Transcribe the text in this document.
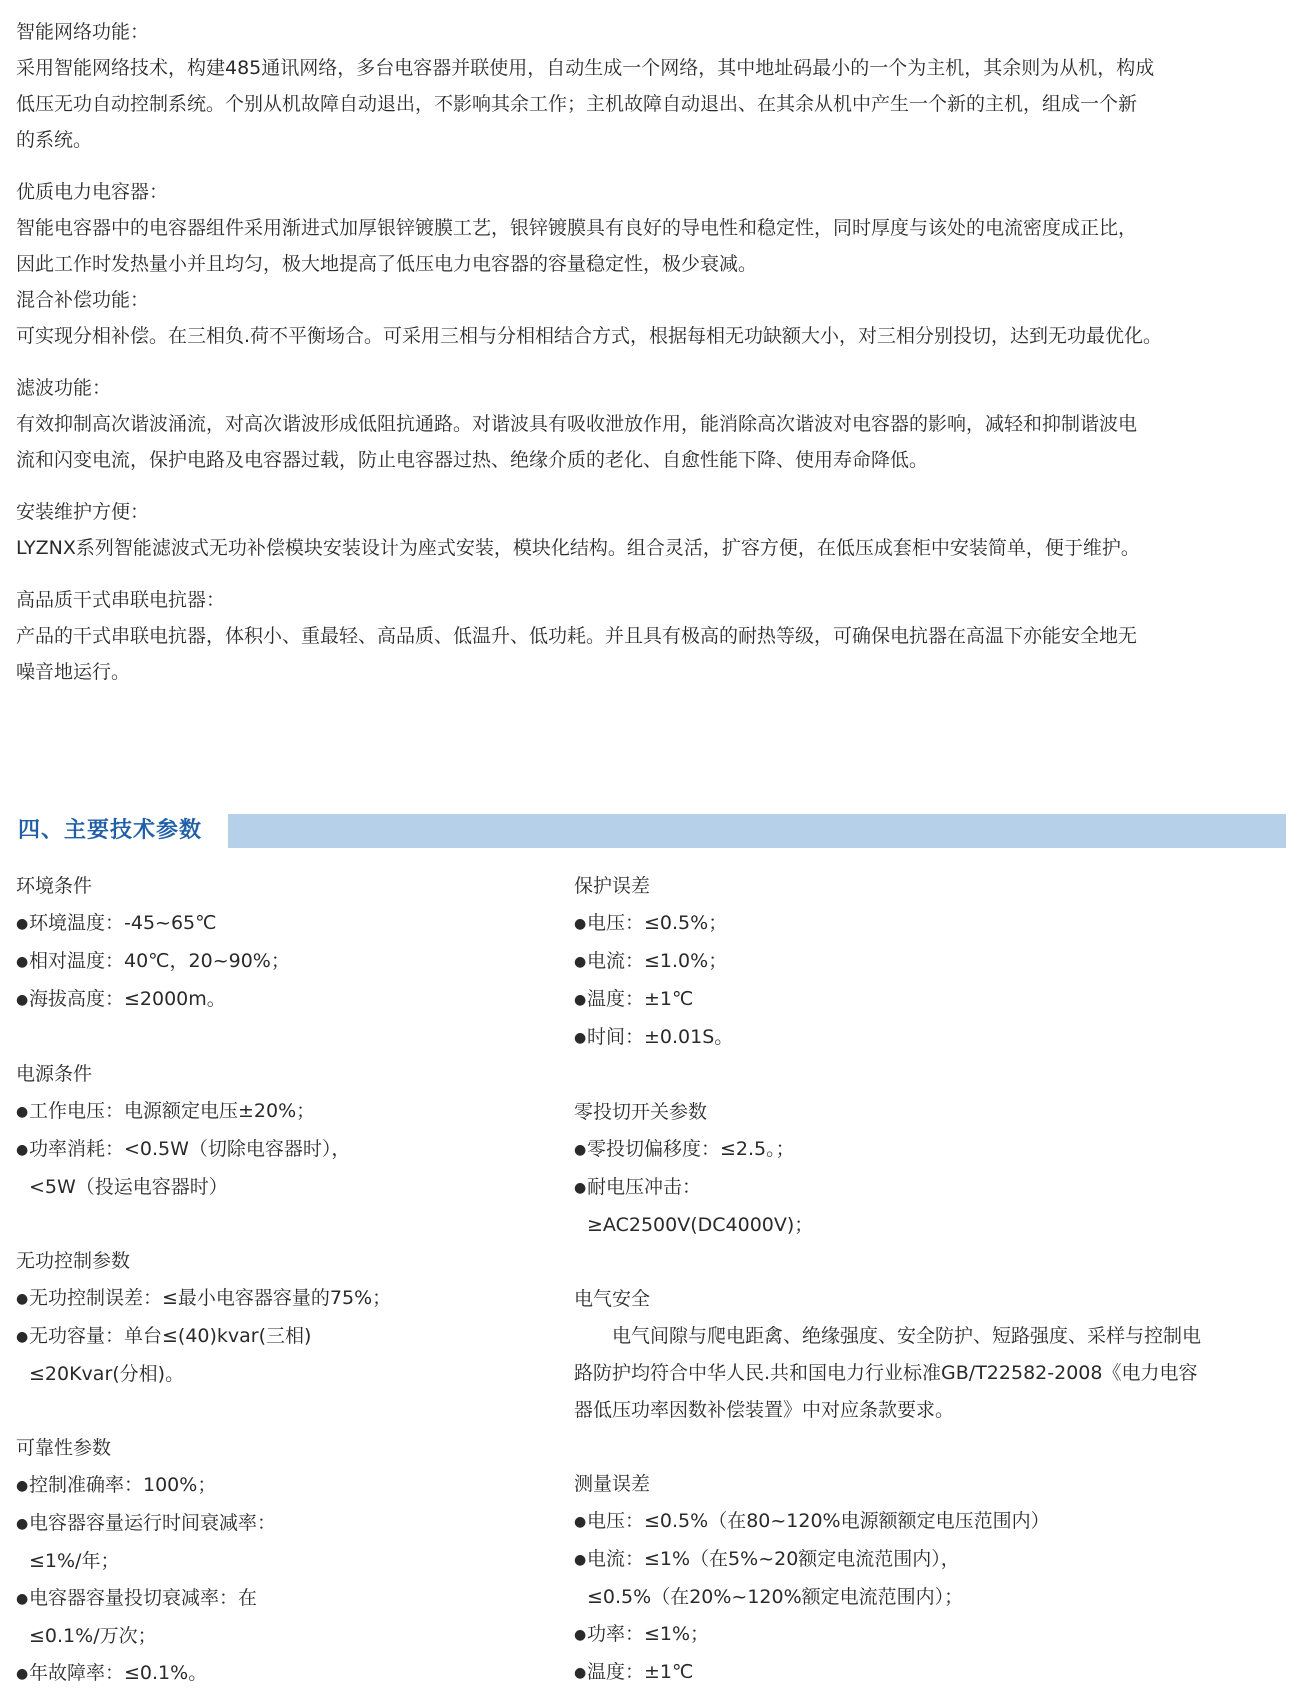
智能网络功能：

采用智能网络技术，构建485通讯网络，多台电容器并联使用，自动生成一个网络，其中地址码最小的一个为主机，其余则为从机，构成

低压无功自动控制系统。个别从机故障自动退出，不影响其余工作；主机故障自动退出、在其余从机中产生一个新的主机，组成一个新

的系统。

优质电力电容器：

智能电容器中的电容器组件采用渐进式加厚银锌镀膜工艺，银锌镀膜具有良好的导电性和稳定性，同时厚度与该处的电流密度成正比，

因此工作时发热量小并且均匀，极大地提高了低压电力电容器的容量稳定性，极少衰减。

混合补偿功能：

可实现分相补偿。在三相负.荷不平衡场合。可采用三相与分相相结合方式，根据每相无功缺额大小，对三相分别投切，达到无功最优化。

滤波功能：

有效抑制高次谐波涌流，对高次谐波形成低阻抗通路。对谐波具有吸收泄放作用，能消除高次谐波对电容器的影响，减轻和抑制谐波电

流和闪变电流，保护电路及电容器过载，防止电容器过热、绝缘介质的老化、自愈性能下降、使用寿命降低。

安装维护方便：

LYZNX系列智能滤波式无功补偿模块安装设计为座式安装，模块化结构。组合灵活，扩容方便，在低压成套柜中安装简单，便于维护。

高品质干式串联电抗器：

产品的干式串联电抗器，体积小、重最轻、高品质、低温升、低功耗。并且具有极高的耐热等级，可确保电抗器在高温下亦能安全地无

噪音地运行。

四、主要技术参数

环境条件

●环境温度：-45~65℃

●相对温度：40℃，20~90%；

●海拔高度：≤2000m。

电源条件

●工作电压：电源额定电压±20%；

●功率消耗：<0.5W（切除电容器时），

<5W（投运电容器时）

无功控制参数

●无功控制误差：≤最小电容器容量的75%；

●无功容量：单台≤(40)kvar(三相)

≤20Kvar(分相)。

可靠性参数

●控制准确率：100%；

●电容器容量运行时间衰减率：

≤1%/年；

●电容器容量投切衰减率：在

≤0.1%/万次；

●年故障率：≤0.1%。

保护误差

●电压：≤0.5%；

●电流：≤1.0%；

●温度：±1℃

●时间：±0.01S。

零投切开关参数

●零投切偏移度：≤2.5。；

●耐电压冲击：

≥AC2500V(DC4000V)；

电气安全

电气间隙与爬电距禽、绝缘强度、安全防护、短路强度、采样与控制电

路防护均符合中华人民.共和国电力行业标准GB/T22582-2008《电力电容

器低压功率因数补偿装置》中对应条款要求。

测量误差

●电压：≤0.5%（在80~120%电源额额定电压范围内）

●电流：≤1%（在5%~20额定电流范围内），

≤0.5%（在20%~120%额定电流范围内）；

●功率：≤1%；

●温度：±1℃
